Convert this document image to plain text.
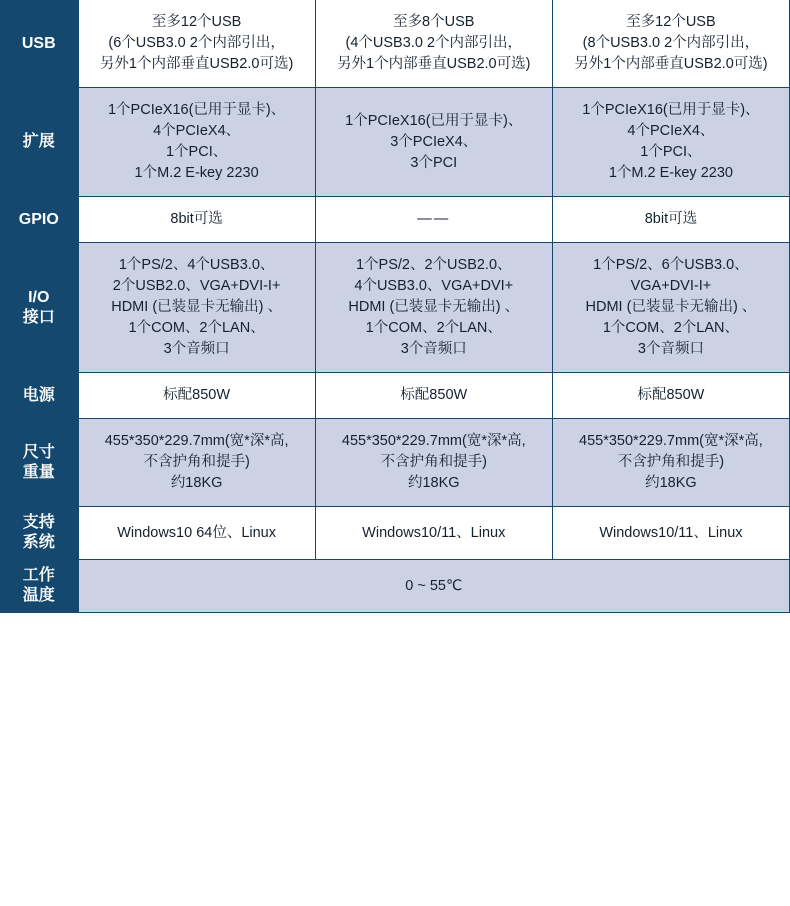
USB	至多12个USB
(6个USB3.0 2个内部引出，
另外1个内部垂直USB2.0可选)	至多8个USB
(4个USB3.0 2个内部引出，
另外1个内部垂直USB2.0可选)	至多12个USB
(8个USB3.0 2个内部引出，
另外1个内部垂直USB2.0可选)
扩展	1个PCIeX16(已用于显卡)、
4个PCIeX4、
1个PCI、
1个M.2 E-key 2230	1个PCIeX16(已用于显卡)、
3个PCIeX4、
3个PCI	1个PCIeX16(已用于显卡)、
4个PCIeX4、
1个PCI、
1个M.2 E-key 2230
GPIO	8bit可选	——	8bit可选
I/O
接口	1个PS/2、4个USB3.0、
2个USB2.0、VGA+DVI-I+
HDMI (已装显卡无输出) 、
1个COM、2个LAN、
3个音频口	1个PS/2、2个USB2.0、
4个USB3.0、VGA+DVI+
HDMI (已装显卡无输出) 、
1个COM、2个LAN、
3个音频口	1个PS/2、6个USB3.0、
VGA+DVI-I+
HDMI (已装显卡无输出) 、
1个COM、2个LAN、
3个音频口
电源	标配850W	标配850W	标配850W
尺寸
重量	455*350*229.7mm(宽*深*高,
不含护角和提手)
约18KG	455*350*229.7mm(宽*深*高,
不含护角和提手)
约18KG	455*350*229.7mm(宽*深*高,
不含护角和提手)
约18KG
支持
系统	Windows10 64位、Linux	Windows10/11、Linux	Windows10/11、Linux
工作
温度	0 ~ 55℃		
